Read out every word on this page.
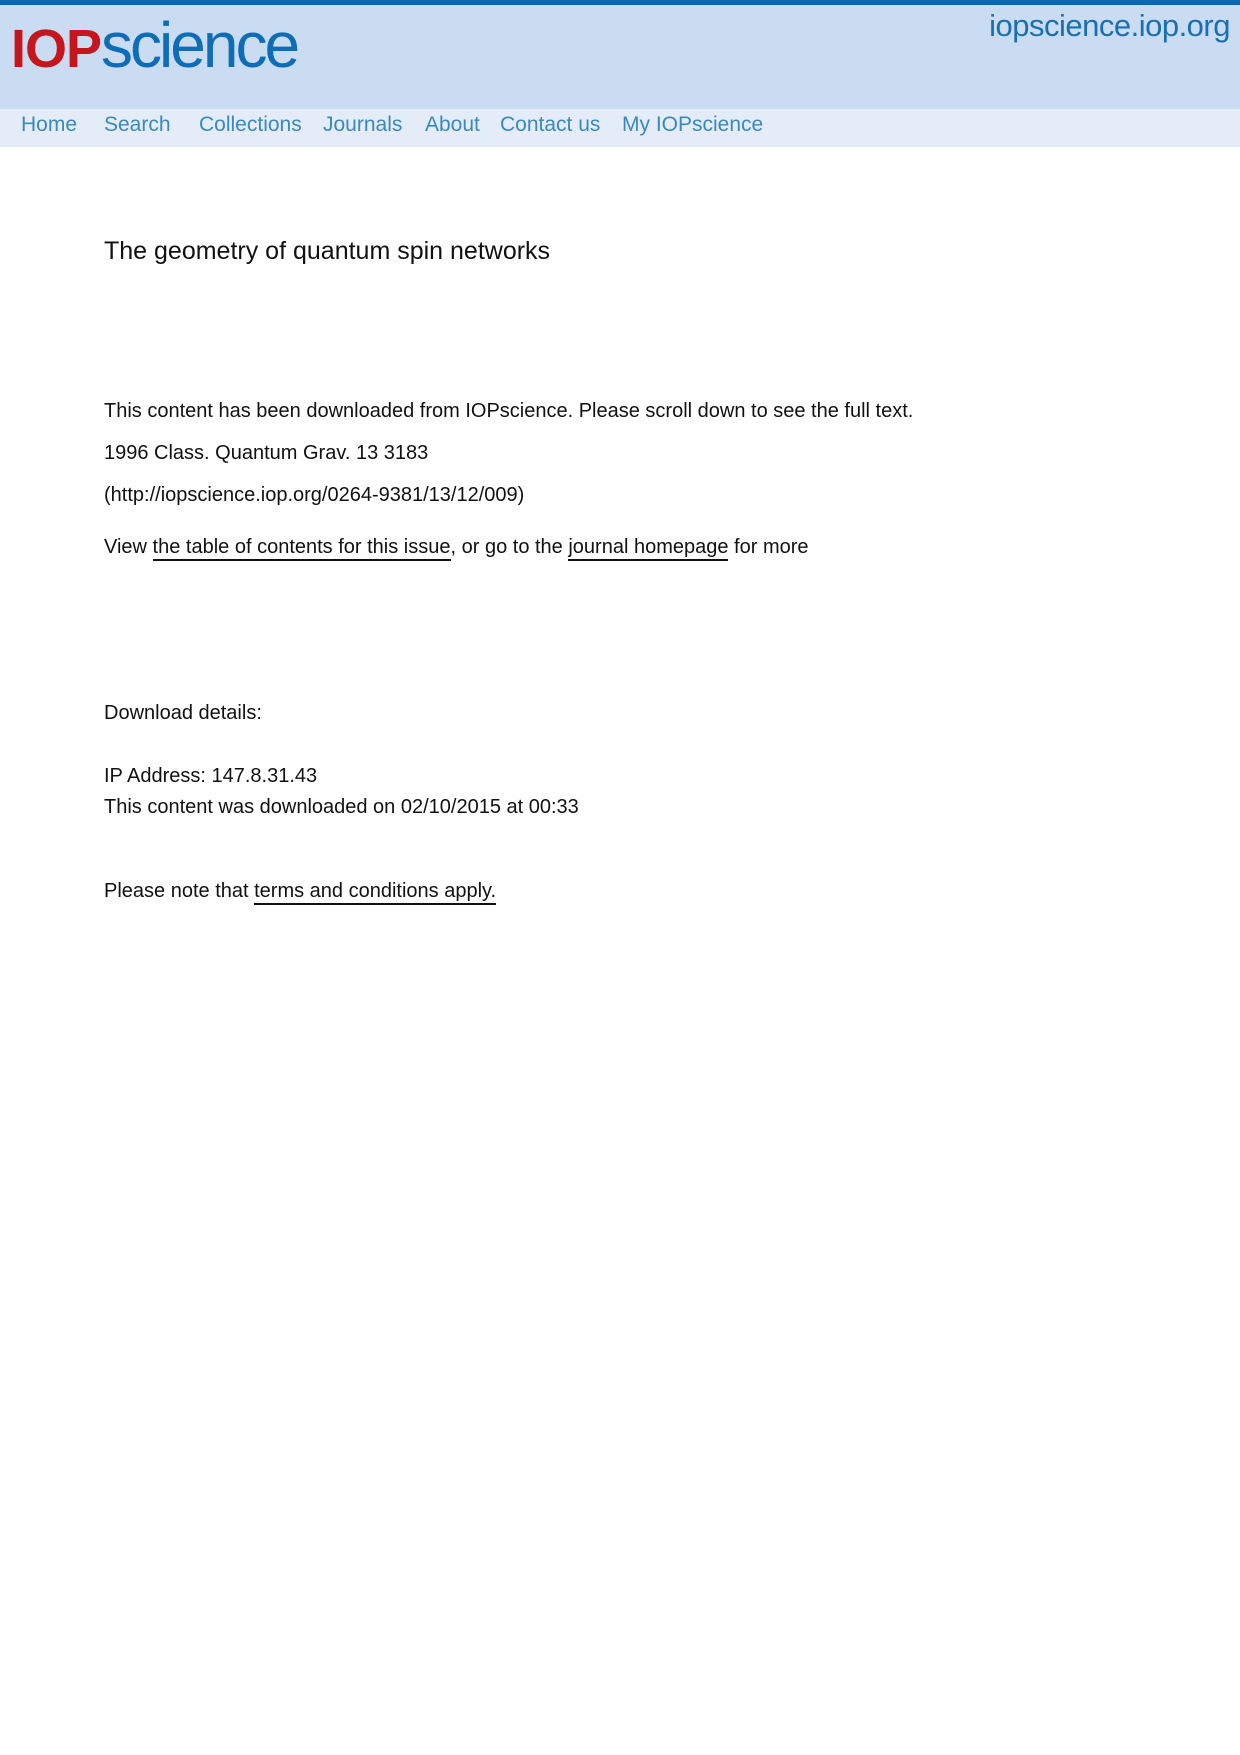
IOP science	iopscience.iop.org
Home Search Collections Journals About Contact us My IOPscience
The geometry of quantum spin networks
This content has been downloaded from IOPscience. Please scroll down to see the full text.
1996 Class. Quantum Grav. 13 3183
(http://iopscience.iop.org/0264-9381/13/12/009)
View the table of contents for this issue, or go to the journal homepage for more
Download details:
IP Address: 147.8.31.43
This content was downloaded on 02/10/2015 at 00:33
Please note that terms and conditions apply.
